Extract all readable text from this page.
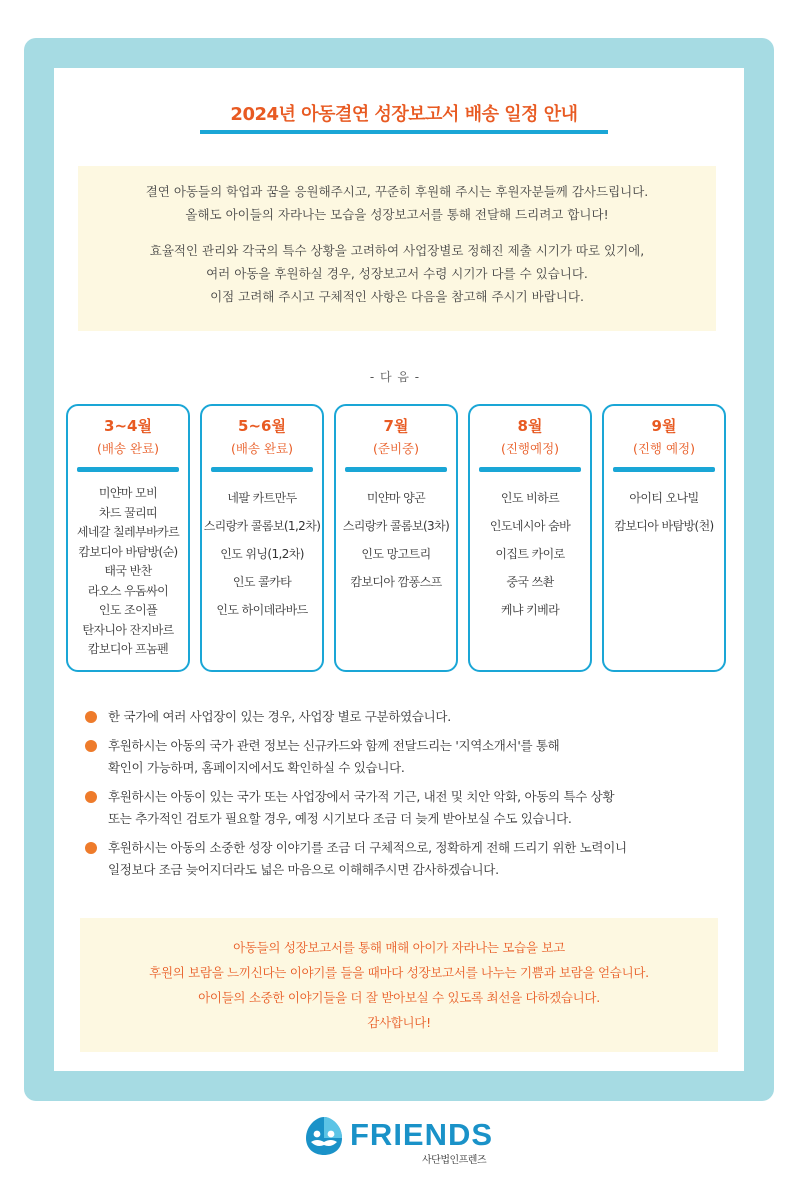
2024년 아동결연 성장보고서 배송 일정 안내

결연 아동들의 학업과 꿈을 응원해주시고, 꾸준히 후원해 주시는 후원자분들께 감사드립니다.

올해도 아이들의 자라나는 모습을 성장보고서를 통해 전달해 드리려고 합니다!

효율적인 관리와 각국의 특수 상황을 고려하여 사업장별로 정해진 제출 시기가 따로 있기에,

여러 아동을 후원하실 경우, 성장보고서 수령 시기가 다를 수 있습니다.

이점 고려해 주시고 구체적인 사항은 다음을 참고해 주시기 바랍니다.

- 다 음 -
3~4월
(배송 완료)
미얀마 모비
차드 꿀리띠
세네갈 칠레부바카르
캄보디아 바탐방(순)
태국 반찬
라오스 우돔싸이
인도 조이플
탄자니아 잔지바르
캄보디아 프놈펜
5~6월
(배송 완료)
네팔 카트만두
스리랑카 콜롬보(1,2차)
인도 위닝(1,2차)
인도 콜카타
인도 하이데라바드
7월
(준비중)
미얀마 양곤
스리랑카 콜롬보(3차)
인도 망고트리
캄보디아 깜퐁스프
8월
(진행예정)
인도 비하르
인도네시아 숨바
이집트 카이로
중국 쓰촨
케냐 키베라
9월
(진행 예정)
아이티 오나빌
캄보디아 바탐방(천)
한 국가에 여러 사업장이 있는 경우, 사업장 별로 구분하였습니다.
후원하시는 아동의 국가 관련 정보는 신규카드와 함께 전달드리는 '지역소개서'를 통해
확인이 가능하며, 홈페이지에서도 확인하실 수 있습니다.
후원하시는 아동이 있는 국가 또는 사업장에서 국가적 기근, 내전 및 치안 악화, 아동의 특수 상황
또는 추가적인 검토가 필요할 경우, 예정 시기보다 조금 더 늦게 받아보실 수도 있습니다.
후원하시는 아동의 소중한 성장 이야기를 조금 더 구체적으로, 정확하게 전해 드리기 위한 노력이니
일정보다 조금 늦어지더라도 넓은 마음으로 이해해주시면 감사하겠습니다.

아동들의 성장보고서를 통해 매해 아이가 자라나는 모습을 보고

후원의 보람을 느끼신다는 이야기를 들을 때마다 성장보고서를 나누는 기쁨과 보람을 얻습니다.

아이들의 소중한 이야기들을 더 잘 받아보실 수 있도록 최선을 다하겠습니다.

감사합니다!

FRIENDS
사단법인프렌즈
